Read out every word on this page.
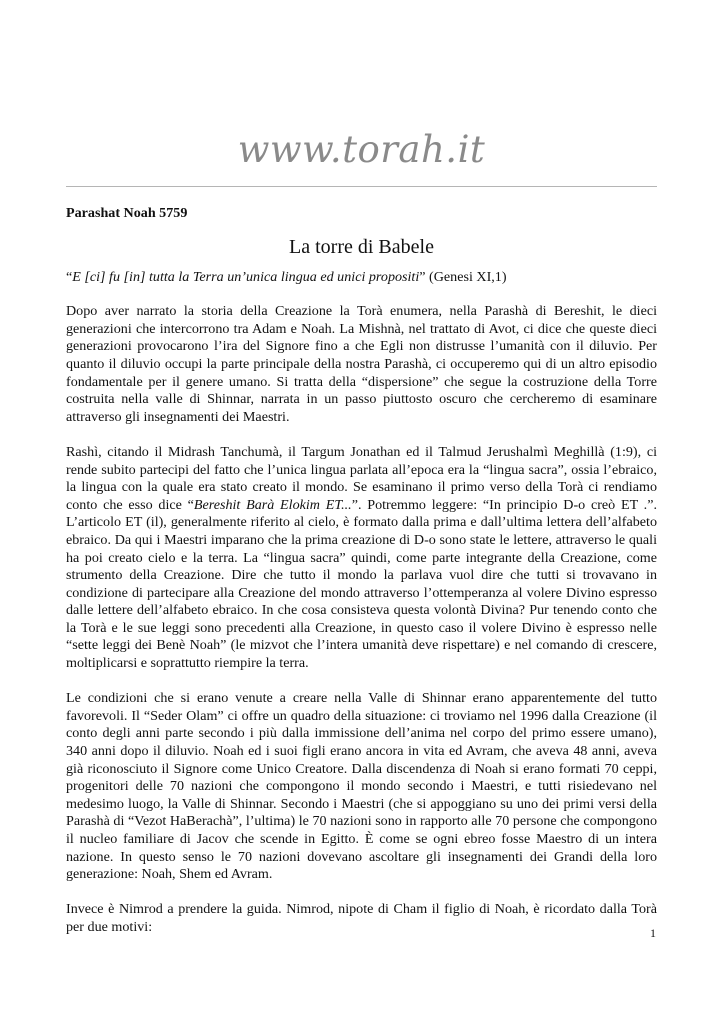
www.torah.it

Parashat Noah 5759

La torre di Babele

“E [ci] fu [in] tutta la Terra un’unica lingua ed unici propositi” (Genesi XI,1)

Dopo aver narrato la storia della Creazione la Torà enumera, nella Parashà di Bereshit, le dieci generazioni che intercorrono tra Adam e Noah. La Mishnà, nel trattato di Avot, ci dice che queste dieci generazioni provocarono l’ira del Signore fino a che Egli non distrusse l’umanità con il diluvio. Per quanto il diluvio occupi la parte principale della nostra Parashà, ci occuperemo qui di un altro episodio fondamentale per il genere umano. Si tratta della “dispersione” che segue la costruzione della Torre costruita nella valle di Shinnar, narrata in un passo piuttosto oscuro che cercheremo di esaminare attraverso gli insegnamenti dei Maestri.

Rashì, citando il Midrash Tanchumà, il Targum Jonathan ed il Talmud Jerushalmì Meghillà (1:9), ci rende subito partecipi del fatto che l’unica lingua parlata all’epoca era la “lingua sacra”, ossia l’ebraico, la lingua con la quale era stato creato il mondo. Se esaminano il primo verso della Torà ci rendiamo conto che esso dice “Bereshit Barà Elokim ET...”. Potremmo leggere: “In principio D-o creò ET .”. L’articolo ET (il), generalmente riferito al cielo, è formato dalla prima e dall’ultima lettera dell’alfabeto ebraico. Da qui i Maestri imparano che la prima creazione di D-o sono state le lettere, attraverso le quali ha poi creato cielo e la terra. La “lingua sacra” quindi, come parte integrante della Creazione, come strumento della Creazione. Dire che tutto il mondo la parlava vuol dire che tutti si trovavano in condizione di partecipare alla Creazione del mondo attraverso l’ottemperanza al volere Divino espresso dalle lettere dell’alfabeto ebraico. In che cosa consisteva questa volontà Divina? Pur tenendo conto che la Torà e le sue leggi sono precedenti alla Creazione, in questo caso il volere Divino è espresso nelle “sette leggi dei Benè Noah” (le mizvot che l’intera umanità deve rispettare) e nel comando di crescere, moltiplicarsi e soprattutto riempire la terra.

Le condizioni che si erano venute a creare nella Valle di Shinnar erano apparentemente del tutto favorevoli. Il “Seder Olam” ci offre un quadro della situazione: ci troviamo nel 1996 dalla Creazione (il conto degli anni parte secondo i più dalla immissione dell’anima nel corpo del primo essere umano), 340 anni dopo il diluvio. Noah ed i suoi figli erano ancora in vita ed Avram, che aveva 48 anni, aveva già riconosciuto il Signore come Unico Creatore. Dalla discendenza di Noah si erano formati 70 ceppi, progenitori delle 70 nazioni che compongono il mondo secondo i Maestri, e tutti risiedevano nel medesimo luogo, la Valle di Shinnar. Secondo i Maestri (che si appoggiano su uno dei primi versi della Parashà di “Vezot HaBerachà”, l’ultima) le 70 nazioni sono in rapporto alle 70 persone che compongono il nucleo familiare di Jacov che scende in Egitto. È come se ogni ebreo fosse Maestro di un intera nazione. In questo senso le 70 nazioni dovevano ascoltare gli insegnamenti dei Grandi della loro generazione: Noah, Shem ed Avram.

Invece è Nimrod a prendere la guida. Nimrod, nipote di Cham il figlio di Noah, è ricordato dalla Torà per due motivi:	1
